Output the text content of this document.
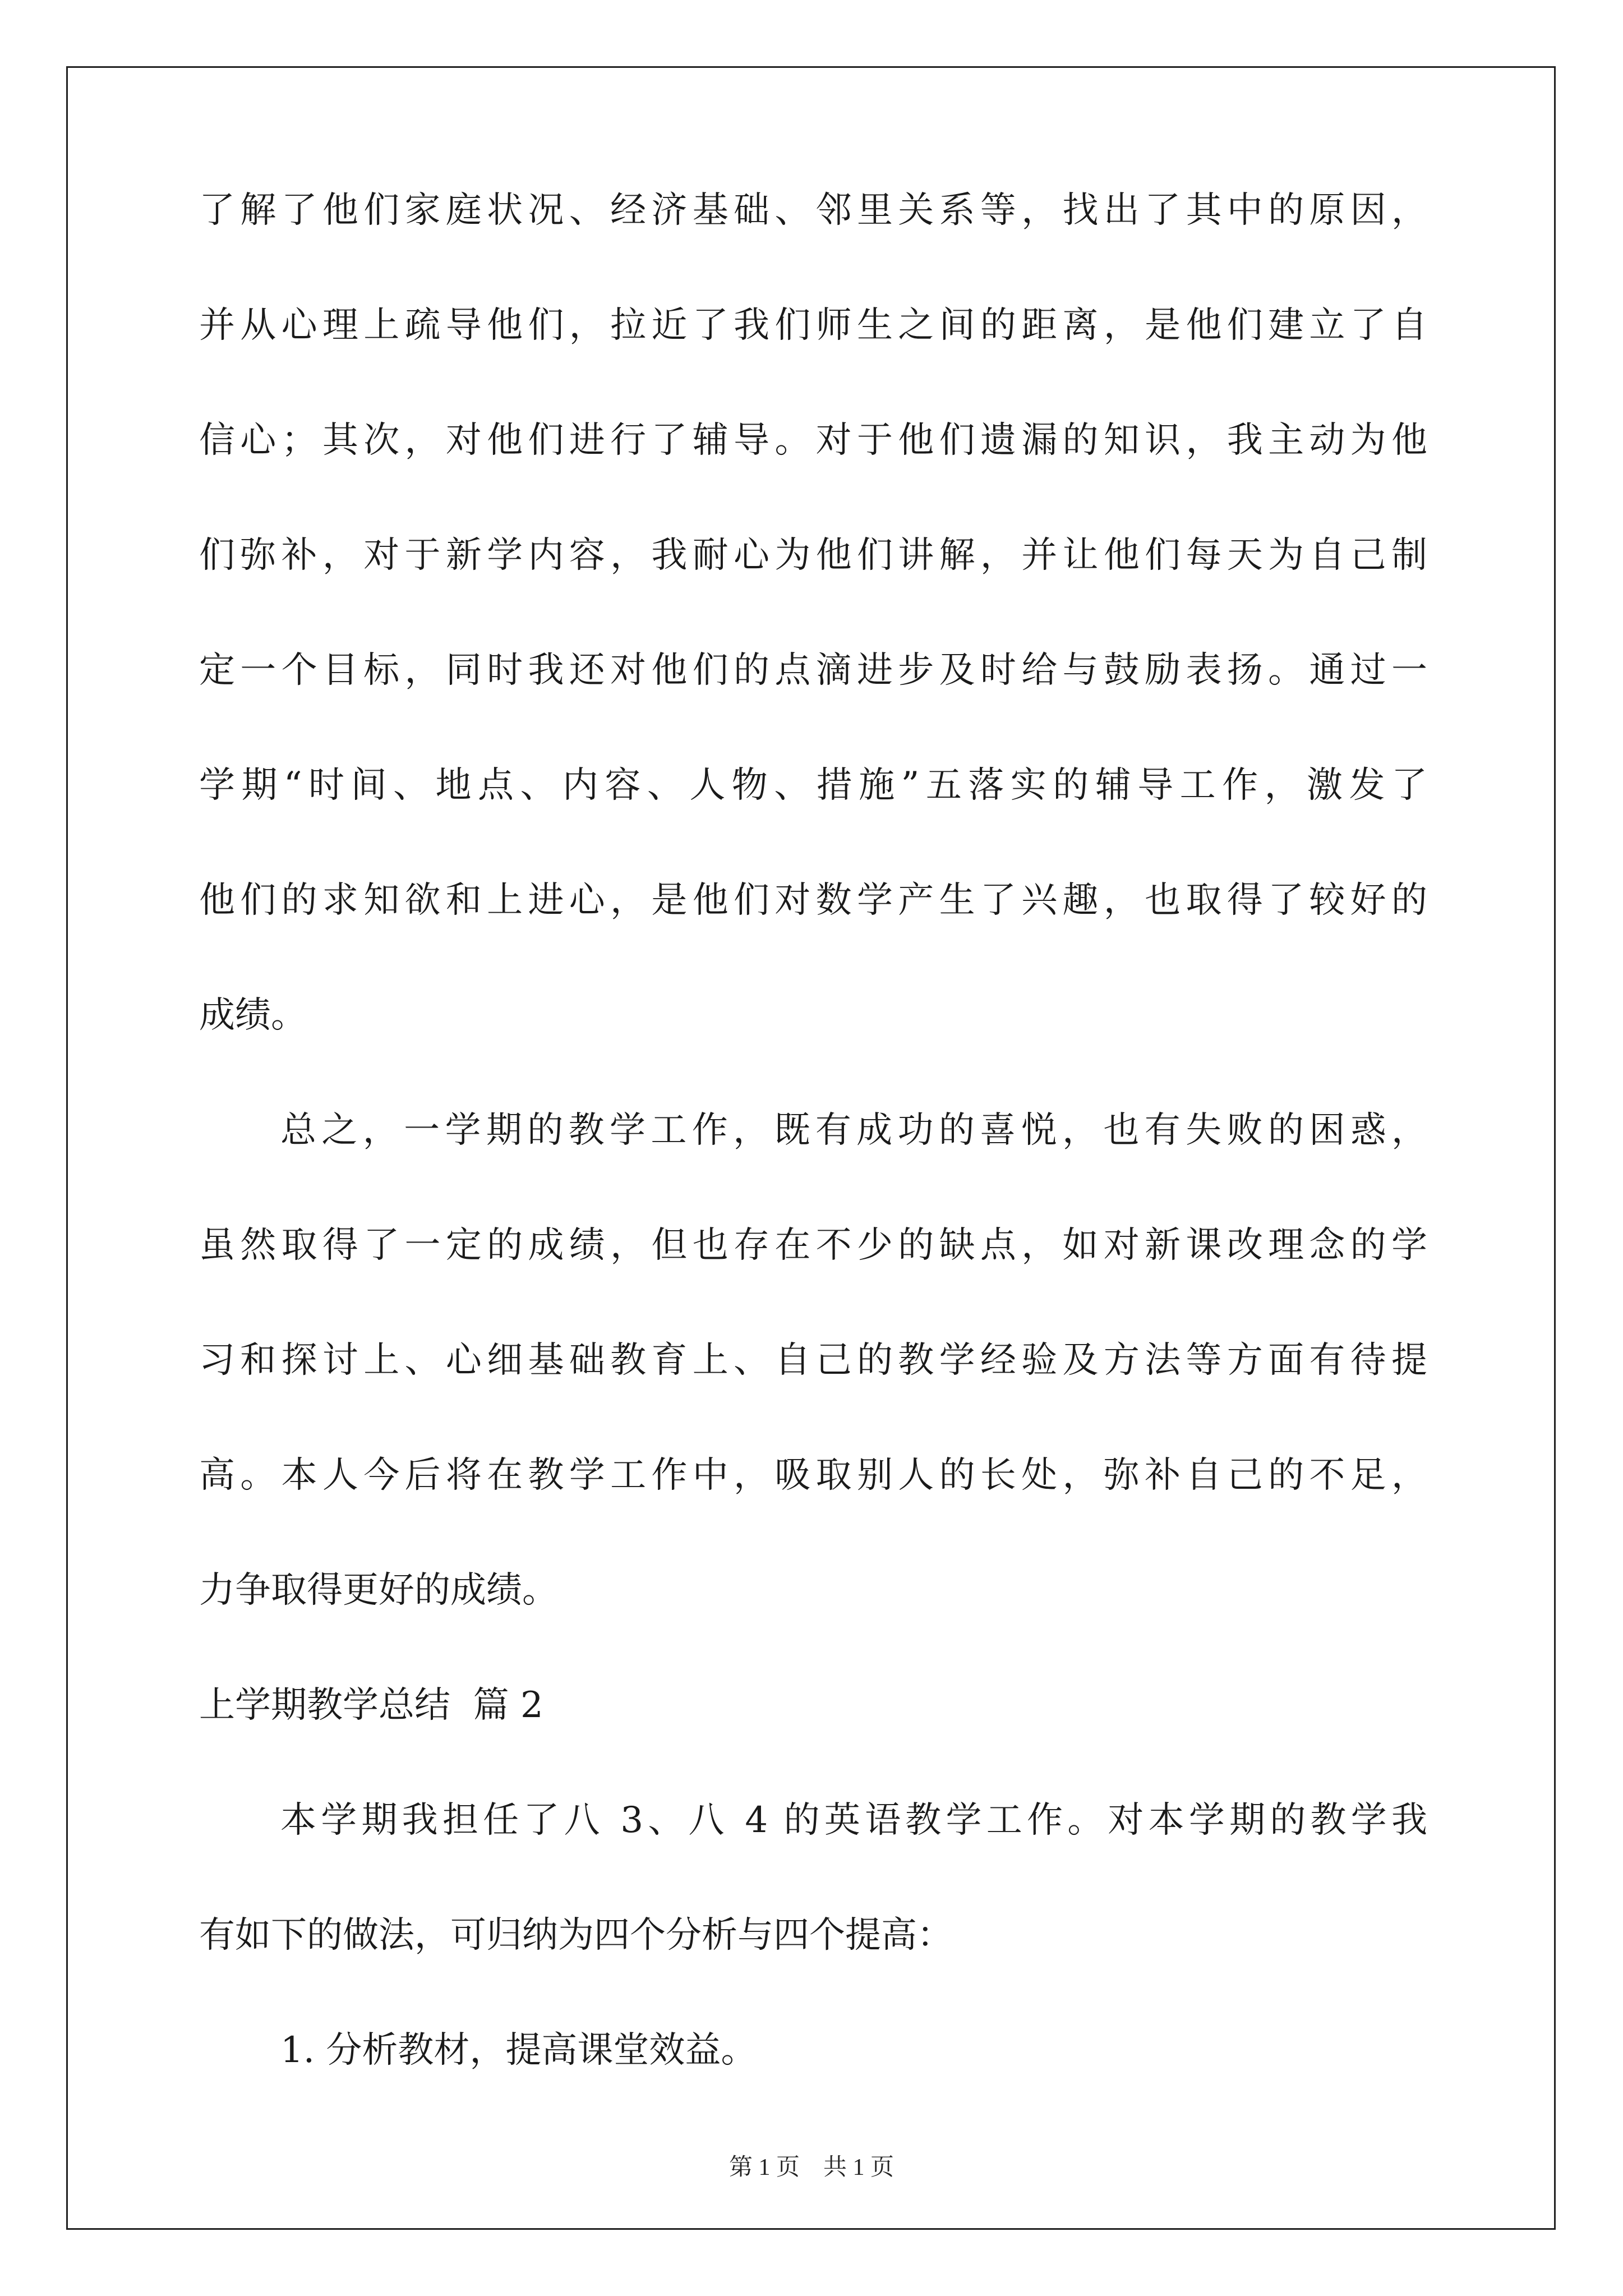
了解了他们家庭状况、经济基础、邻里关系等，找出了其中的原因，
并从心理上疏导他们，拉近了我们师生之间的距离，是他们建立了自
信心；其次，对他们进行了辅导。对于他们遗漏的知识，我主动为他
们弥补，对于新学内容，我耐心为他们讲解，并让他们每天为自己制
定一个目标，同时我还对他们的点滴进步及时给与鼓励表扬。通过一
学期“时间、地点、内容、人物、措施”五落实的辅导工作，激发了
他们的求知欲和上进心，是他们对数学产生了兴趣，也取得了较好的
成绩。
总之，一学期的教学工作，既有成功的喜悦，也有失败的困惑，
虽然取得了一定的成绩，但也存在不少的缺点，如对新课改理念的学
习和探讨上、心细基础教育上、自己的教学经验及方法等方面有待提
高。本人今后将在教学工作中，吸取别人的长处，弥补自己的不足，
力争取得更好的成绩。
上学期教学总结  篇 2
本学期我担任了八 3、八 4 的英语教学工作。对本学期的教学我
有如下的做法，可归纳为四个分析与四个提高：
1. 分析教材，提高课堂效益。
第 1 页    共 1 页
